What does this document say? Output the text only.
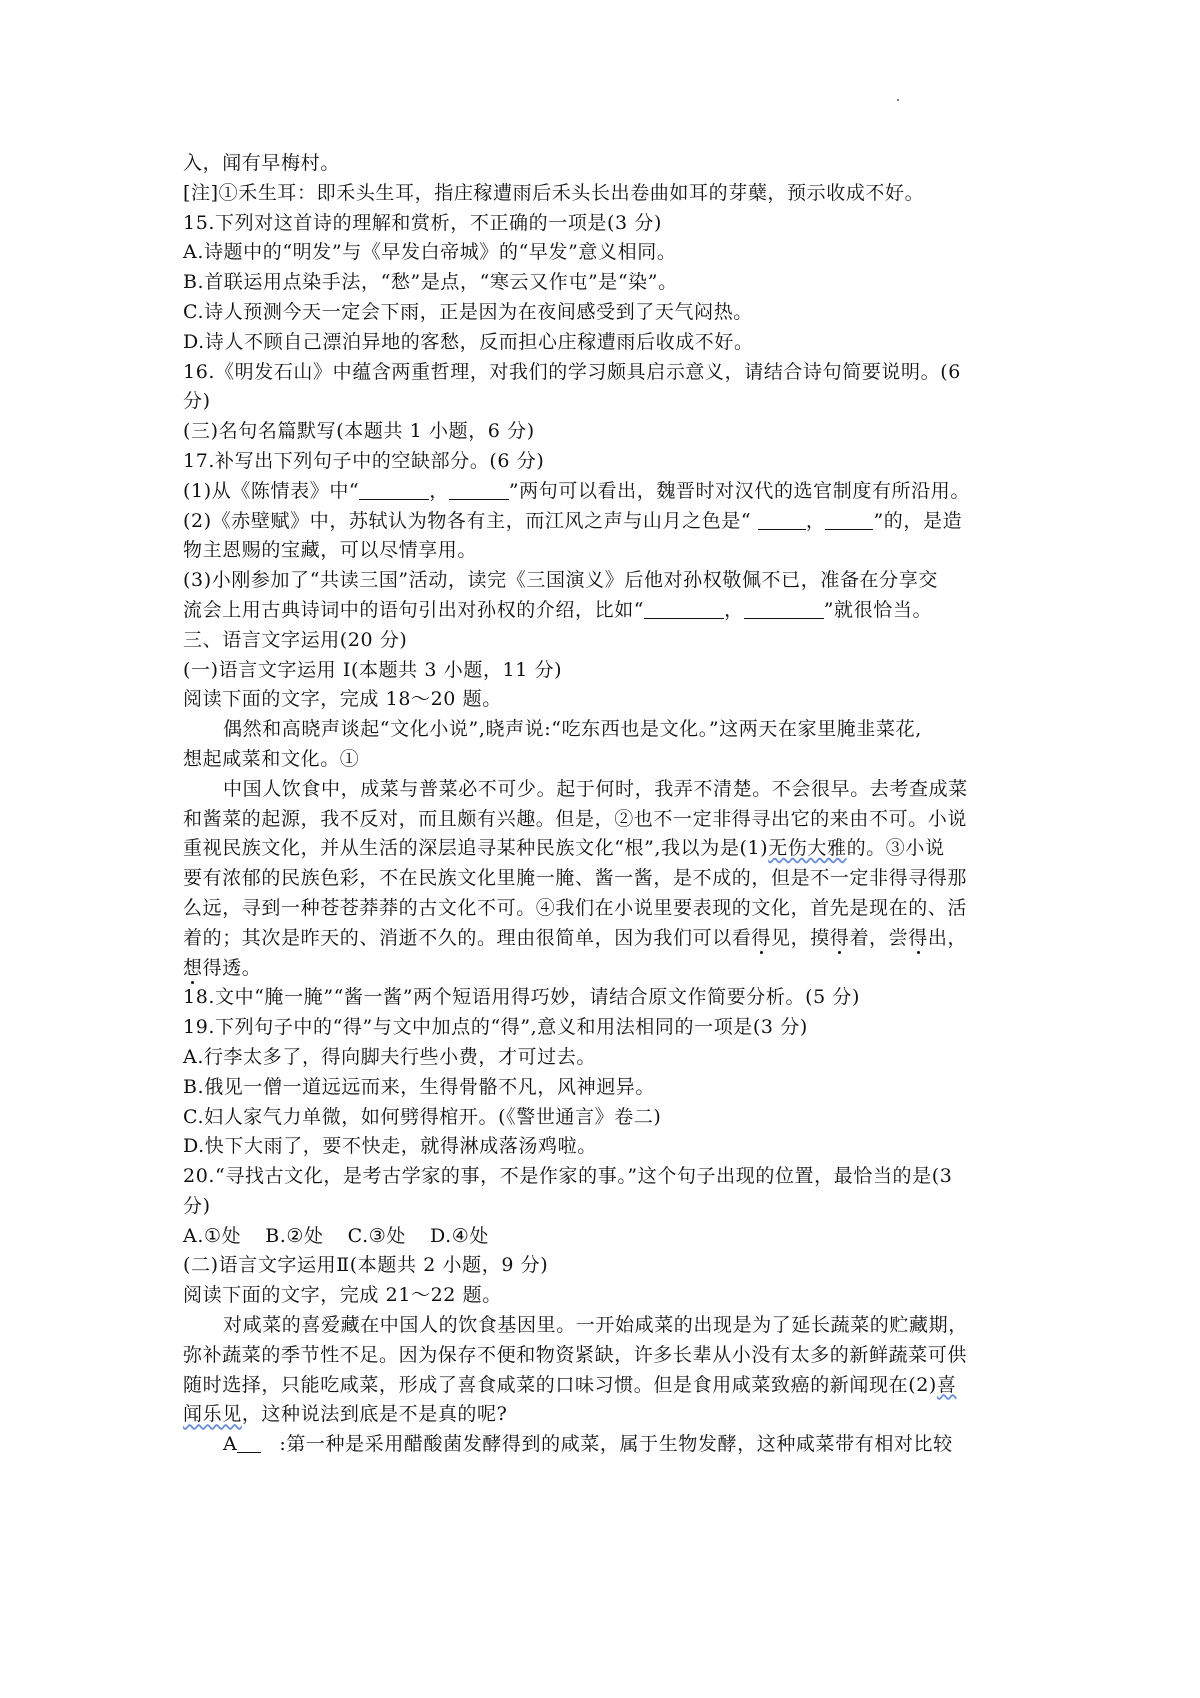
入，闻有早梅村。
[注]①禾生耳：即禾头生耳，指庄稼遭雨后禾头长出卷曲如耳的芽蘖，预示收成不好。
15.下列对这首诗的理解和赏析，不正确的一项是(3 分)
A.诗题中的“明发”与《早发白帝城》的“早发”意义相同。
B.首联运用点染手法，“愁”是点，“寒云又作屯”是“染”。
C.诗人预测今天一定会下雨，正是因为在夜间感受到了天气闷热。
D.诗人不顾自己漂泊异地的客愁，反而担心庄稼遭雨后收成不好。
16.《明发石山》中蕴含两重哲理，对我们的学习颇具启示意义，请结合诗句简要说明。(6
分)
(三)名句名篇默写(本题共 1 小题，6 分)
17.补写出下列句子中的空缺部分。(6 分)
(1)从《陈情表》中“	，	”两句可以看出，魏晋时对汉代的选官制度有所沿用。
(2)《赤壁赋》中，苏轼认为物各有主，而江风之声与山月之色是“	，	”的，是造
物主恩赐的宝藏，可以尽情享用。
(3)小刚参加了“共读三国”活动，读完《三国演义》后他对孙权敬佩不已，准备在分享交
流会上用古典诗词中的语句引出对孙权的介绍，比如“	，	”就很恰当。
三、语言文字运用(20 分)
(一)语言文字运用 I(本题共 3 小题，11 分)
阅读下面的文字，完成 18～20 题。
偶然和高晓声谈起“文化小说”,晓声说:“吃东西也是文化。”这两天在家里腌韭菜花,
想起咸菜和文化。①
中国人饮食中，成菜与普菜必不可少。起于何时，我弄不清楚。不会很早。去考查成菜
和酱菜的起源，我不反对，而且颇有兴趣。但是，②也不一定非得寻出它的来由不可。小说
重视民族文化，并从生活的深层追寻某种民族文化“根”,我以为是(1)无伤大雅的。③小说
要有浓郁的民族色彩，不在民族文化里腌一腌、酱一酱，是不成的，但是不一定非得寻得那
么远，寻到一种苍苍莽莽的古文化不可。④我们在小说里要表现的文化，首先是现在的、活
着的；其次是昨天的、消逝不久的。理由很简单，因为我们可以看得见，摸得着，尝得出，
想得透。
18.文中“腌一腌”“酱一酱”两个短语用得巧妙，请结合原文作简要分析。(5 分)
19.下列句子中的“得”与文中加点的“得”,意义和用法相同的一项是(3 分)
A.行李太多了，得向脚夫行些小费，才可过去。
B.俄见一僧一道远远而来，生得骨骼不凡，风神迥异。
C.妇人家气力单微，如何劈得棺开。(《警世通言》卷二)
D.快下大雨了，要不快走，就得淋成落汤鸡啦。
20.“寻找古文化，是考古学家的事，不是作家的事。”这个句子出现的位置，最恰当的是(3
分)
A.①处 B.②处 C.③处 D.④处
(二)语言文字运用Ⅱ(本题共 2 小题，9 分)
阅读下面的文字，完成 21～22 题。
对咸菜的喜爱藏在中国人的饮食基因里。一开始咸菜的出现是为了延长蔬菜的贮藏期，
弥补蔬菜的季节性不足。因为保存不便和物资紧缺，许多长辈从小没有太多的新鲜蔬菜可供
随时选择，只能吃咸菜，形成了喜食咸菜的口味习惯。但是食用咸菜致癌的新闻现在(2)喜
闻乐见，这种说法到底是不是真的呢?
A :第一种是采用醋酸菌发酵得到的咸菜，属于生物发酵，这种咸菜带有相对比较
